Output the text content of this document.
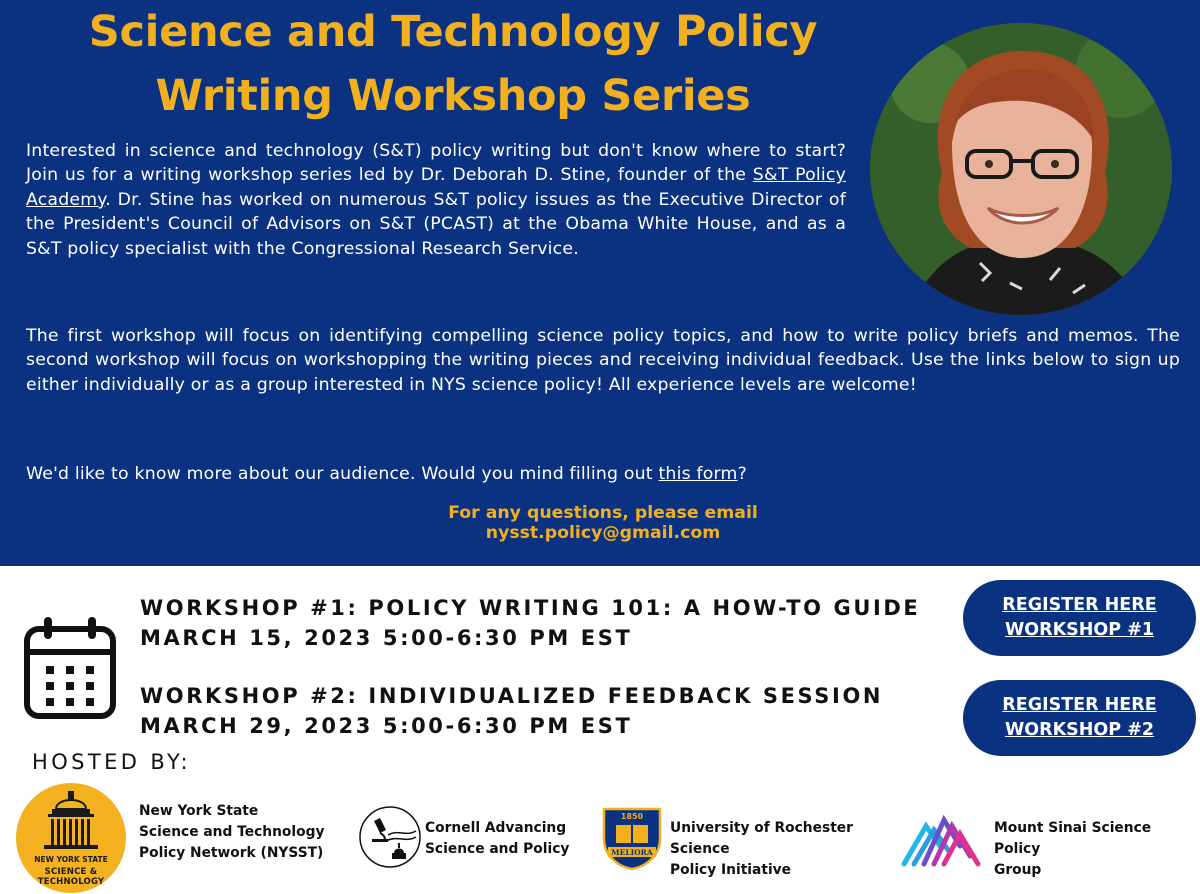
Science and Technology Policy
Writing Workshop Series
Interested in science and technology (S&T) policy writing but don't know where to start? Join us for a writing workshop series led by Dr. Deborah D. Stine, founder of the S&T Policy Academy. Dr. Stine has worked on numerous S&T policy issues as the Executive Director of the President's Council of Advisors on S&T (PCAST) at the Obama White House, and as a S&T policy specialist with the Congressional Research Service.
The first workshop will focus on identifying compelling science policy topics, and how to write policy briefs and memos. The second workshop will focus on workshopping the writing pieces and receiving individual feedback. Use the links below to sign up either individually or as a group interested in NYS science policy! All experience levels are welcome!
We'd like to know more about our audience. Would you mind filling out this form?
For any questions, please email
nysst.policy@gmail.com
WORKSHOP #1: POLICY WRITING 101: A HOW-TO GUIDE
MARCH 15, 2023 5:00-6:30 PM EST
WORKSHOP #2: INDIVIDUALIZED FEEDBACK SESSION
MARCH 29, 2023 5:00-6:30 PM EST
REGISTER HERE
WORKSHOP #1
REGISTER HERE
WORKSHOP #2
HOSTED BY:
NEW YORK STATE
SCIENCE & TECHNOLOGY
New York State
Science and Technology
Policy Network (NYSST)
Cornell Advancing
Science and Policy
1850
MELIORA
University of Rochester Science
Policy Initiative
Mount Sinai Science Policy
Group
